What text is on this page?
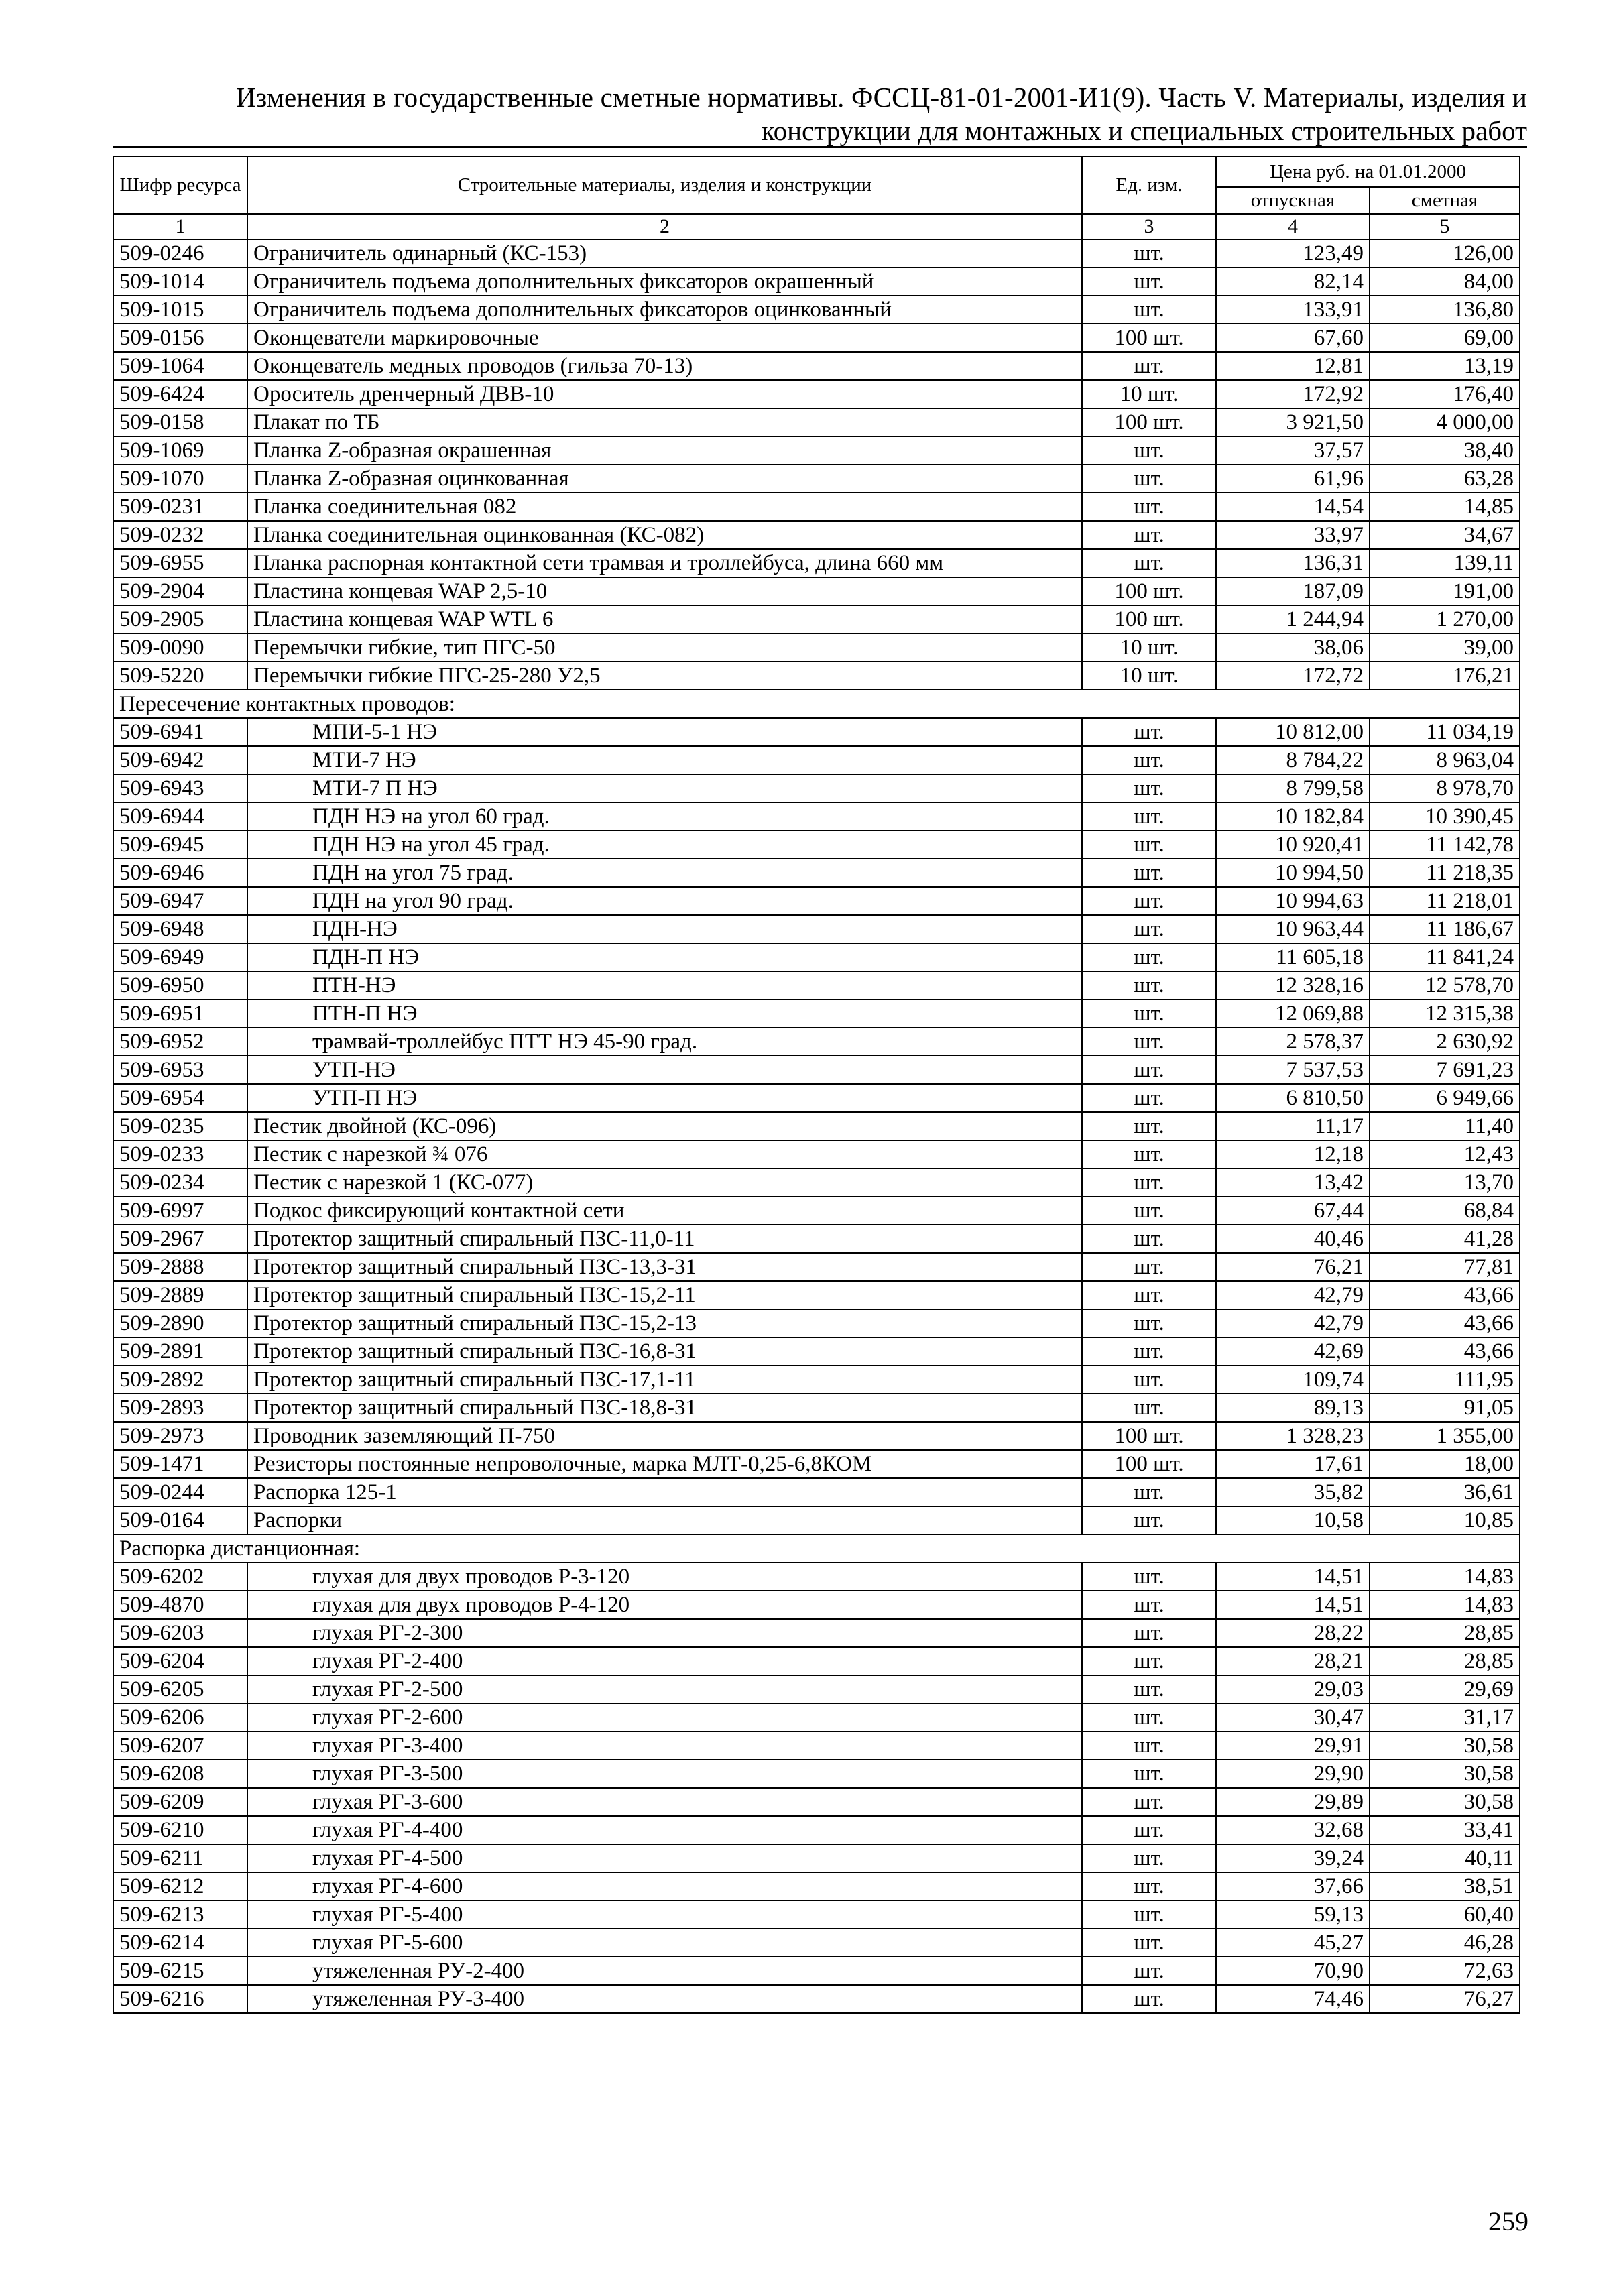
Изменения в государственные сметные нормативы. ФССЦ-81-01-2001-И1(9). Часть V. Материалы, изделия и
конструкции для монтажных и специальных строительных работ
Шифр ресурса	Строительные материалы, изделия и конструкции	Ед. изм.	Цена руб. на 01.01.2000	
			отпускная	сметная
1	2	3	4	5
509-0246	Ограничитель одинарный (КС-153)	шт.	123,49	126,00
509-1014	Ограничитель подъема дополнительных фиксаторов окрашенный	шт.	82,14	84,00
509-1015	Ограничитель подъема дополнительных фиксаторов оцинкованный	шт.	133,91	136,80
509-0156	Оконцеватели маркировочные	100 шт.	67,60	69,00
509-1064	Оконцеватель медных проводов (гильза 70-13)	шт.	12,81	13,19
509-6424	Ороситель дренчерный ДВВ-10	10 шт.	172,92	176,40
509-0158	Плакат по ТБ	100 шт.	3 921,50	4 000,00
509-1069	Планка Z-образная окрашенная	шт.	37,57	38,40
509-1070	Планка Z-образная оцинкованная	шт.	61,96	63,28
509-0231	Планка соединительная 082	шт.	14,54	14,85
509-0232	Планка соединительная оцинкованная (КС-082)	шт.	33,97	34,67
509-6955	Планка распорная контактной сети трамвая и троллейбуса, длина 660 мм	шт.	136,31	139,11
509-2904	Пластина концевая WAP 2,5-10	100 шт.	187,09	191,00
509-2905	Пластина концевая WAP WTL 6	100 шт.	1 244,94	1 270,00
509-0090	Перемычки гибкие, тип ПГС-50	10 шт.	38,06	39,00
509-5220	Перемычки гибкие ПГС-25-280 У2,5	10 шт.	172,72	176,21
Пересечение контактных проводов:				
509-6941	МПИ-5-1 НЭ	шт.	10 812,00	11 034,19
509-6942	МТИ-7 НЭ	шт.	8 784,22	8 963,04
509-6943	МТИ-7 П НЭ	шт.	8 799,58	8 978,70
509-6944	ПДН НЭ на угол 60 град.	шт.	10 182,84	10 390,45
509-6945	ПДН НЭ на угол 45 град.	шт.	10 920,41	11 142,78
509-6946	ПДН на угол 75 град.	шт.	10 994,50	11 218,35
509-6947	ПДН на угол 90 град.	шт.	10 994,63	11 218,01
509-6948	ПДН-НЭ	шт.	10 963,44	11 186,67
509-6949	ПДН-П НЭ	шт.	11 605,18	11 841,24
509-6950	ПТН-НЭ	шт.	12 328,16	12 578,70
509-6951	ПТН-П НЭ	шт.	12 069,88	12 315,38
509-6952	трамвай-троллейбус ПТТ НЭ 45-90 град.	шт.	2 578,37	2 630,92
509-6953	УТП-НЭ	шт.	7 537,53	7 691,23
509-6954	УТП-П НЭ	шт.	6 810,50	6 949,66
509-0235	Пестик двойной (КС-096)	шт.	11,17	11,40
509-0233	Пестик с нарезкой ¾ 076	шт.	12,18	12,43
509-0234	Пестик с нарезкой 1 (КС-077)	шт.	13,42	13,70
509-6997	Подкос фиксирующий контактной сети	шт.	67,44	68,84
509-2967	Протектор защитный спиральный ПЗС-11,0-11	шт.	40,46	41,28
509-2888	Протектор защитный спиральный ПЗС-13,3-31	шт.	76,21	77,81
509-2889	Протектор защитный спиральный ПЗС-15,2-11	шт.	42,79	43,66
509-2890	Протектор защитный спиральный ПЗС-15,2-13	шт.	42,79	43,66
509-2891	Протектор защитный спиральный ПЗС-16,8-31	шт.	42,69	43,66
509-2892	Протектор защитный спиральный ПЗС-17,1-11	шт.	109,74	111,95
509-2893	Протектор защитный спиральный ПЗС-18,8-31	шт.	89,13	91,05
509-2973	Проводник заземляющий П-750	100 шт.	1 328,23	1 355,00
509-1471	Резисторы постоянные непроволочные, марка МЛТ-0,25-6,8КОМ	100 шт.	17,61	18,00
509-0244	Распорка 125-1	шт.	35,82	36,61
509-0164	Распорки	шт.	10,58	10,85
Распорка дистанционная:				
509-6202	глухая для двух проводов Р-3-120	шт.	14,51	14,83
509-4870	глухая для двух проводов Р-4-120	шт.	14,51	14,83
509-6203	глухая РГ-2-300	шт.	28,22	28,85
509-6204	глухая РГ-2-400	шт.	28,21	28,85
509-6205	глухая РГ-2-500	шт.	29,03	29,69
509-6206	глухая РГ-2-600	шт.	30,47	31,17
509-6207	глухая РГ-3-400	шт.	29,91	30,58
509-6208	глухая РГ-3-500	шт.	29,90	30,58
509-6209	глухая РГ-3-600	шт.	29,89	30,58
509-6210	глухая РГ-4-400	шт.	32,68	33,41
509-6211	глухая РГ-4-500	шт.	39,24	40,11
509-6212	глухая РГ-4-600	шт.	37,66	38,51
509-6213	глухая РГ-5-400	шт.	59,13	60,40
509-6214	глухая РГ-5-600	шт.	45,27	46,28
509-6215	утяжеленная РУ-2-400	шт.	70,90	72,63
509-6216	утяжеленная РУ-3-400	шт.	74,46	76,27
259
